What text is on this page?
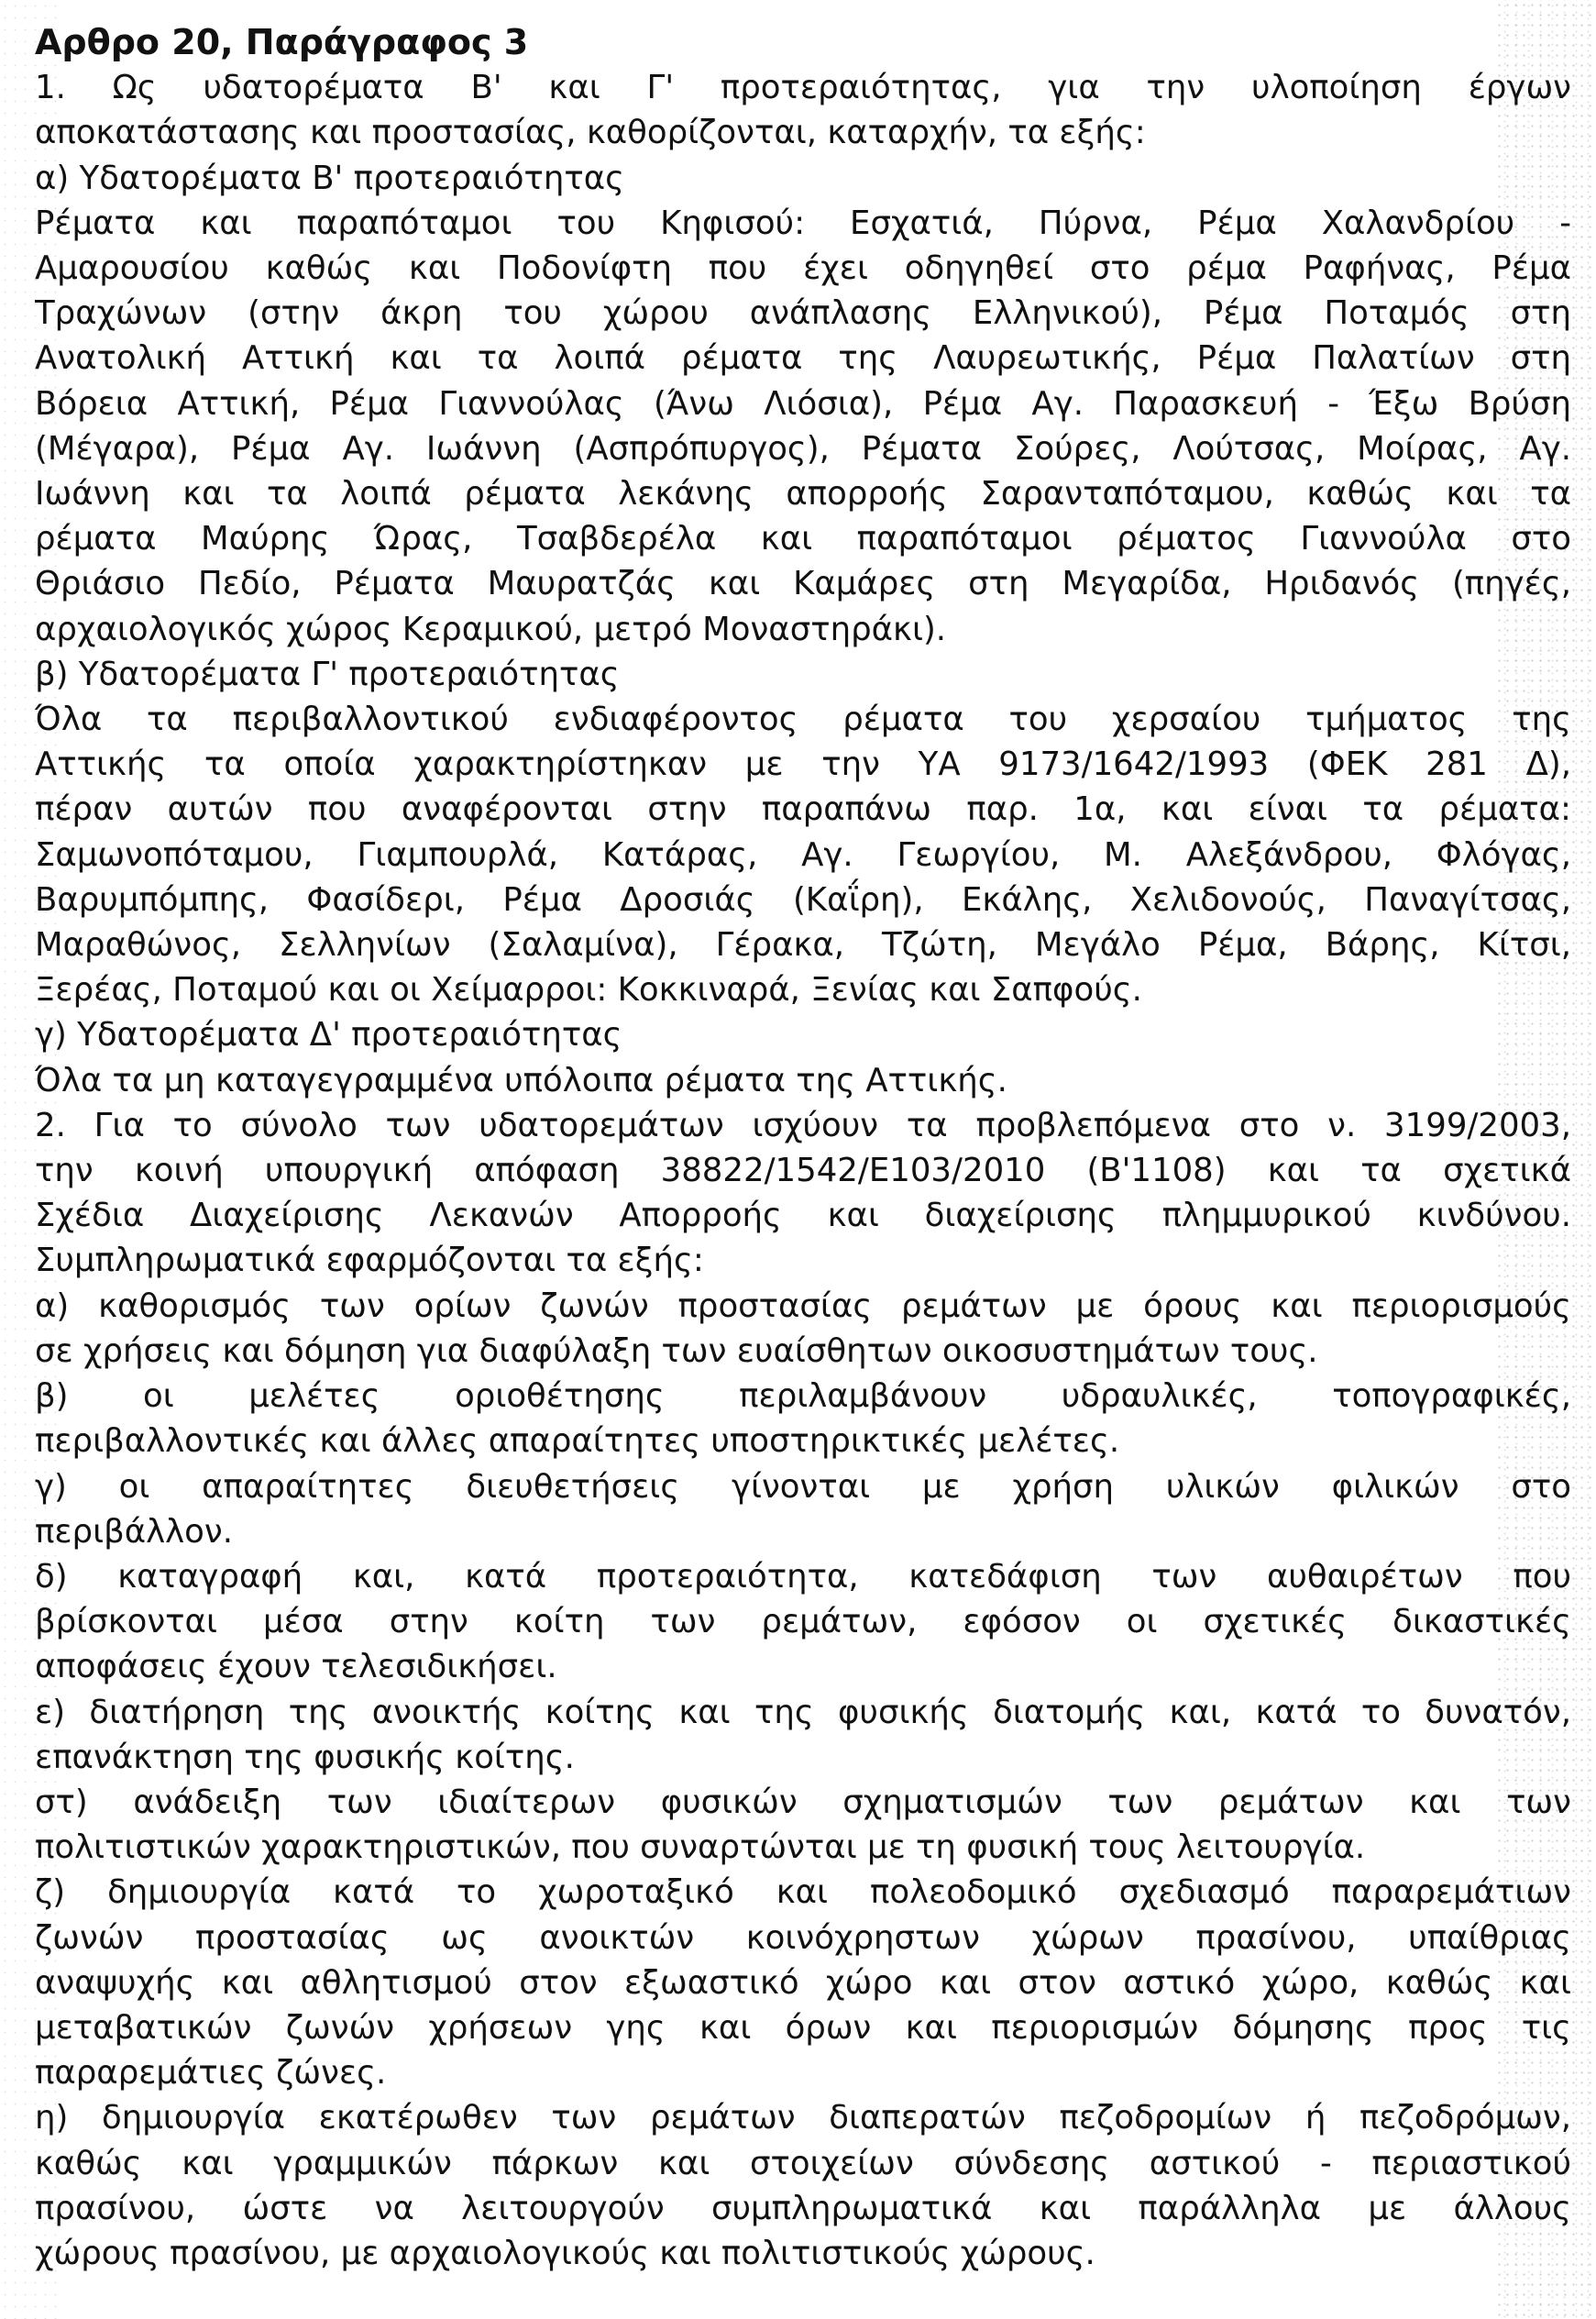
Αρθρο 20, Παράγραφος 3
1. Ως υδατορέματα Β' και Γ' προτεραιότητας, για την υλοποίηση έργων
αποκατάστασης και προστασίας, καθορίζονται, καταρχήν, τα εξής:
α) Υδατορέματα Β' προτεραιότητας
Ρέματα και παραπόταμοι του Κηφισού: Εσχατιά, Πύρνα, Ρέμα Χαλανδρίου -
Αμαρουσίου καθώς και Ποδονίφτη που έχει οδηγηθεί στο ρέμα Ραφήνας, Ρέμα
Τραχώνων (στην άκρη του χώρου ανάπλασης Ελληνικού), Ρέμα Ποταμός στη
Ανατολική Αττική και τα λοιπά ρέματα της Λαυρεωτικής, Ρέμα Παλατίων στη
Βόρεια Αττική, Ρέμα Γιαννούλας (Άνω Λιόσια), Ρέμα Αγ. Παρασκευή - Έξω Βρύση
(Μέγαρα), Ρέμα Αγ. Ιωάννη (Ασπρόπυργος), Ρέματα Σούρες, Λούτσας, Μοίρας, Αγ.
Ιωάννη και τα λοιπά ρέματα λεκάνης απορροής Σαρανταπόταμου, καθώς και τα
ρέματα Μαύρης Ώρας, Τσαβδερέλα και παραπόταμοι ρέματος Γιαννούλα στο
Θριάσιο Πεδίο, Ρέματα Μαυρατζάς και Καμάρες στη Μεγαρίδα, Ηριδανός (πηγές,
αρχαιολογικός χώρος Κεραμικού, μετρό Μοναστηράκι).
β) Υδατορέματα Γ' προτεραιότητας
Όλα τα περιβαλλοντικού ενδιαφέροντος ρέματα του χερσαίου τμήματος της
Αττικής τα οποία χαρακτηρίστηκαν με την ΥΑ 9173/1642/1993 (ΦΕΚ 281 Δ),
πέραν αυτών που αναφέρονται στην παραπάνω παρ. 1α, και είναι τα ρέματα:
Σαμωνοπόταμου, Γιαμπουρλά, Κατάρας, Αγ. Γεωργίου, Μ. Αλεξάνδρου, Φλόγας,
Βαρυμπόμπης, Φασίδερι, Ρέμα Δροσιάς (Καΐρη), Εκάλης, Χελιδονούς, Παναγίτσας,
Μαραθώνος, Σελληνίων (Σαλαμίνα), Γέρακα, Τζώτη, Μεγάλο Ρέμα, Βάρης, Κίτσι,
Ξερέας, Ποταμού και οι Χείμαρροι: Κοκκιναρά, Ξενίας και Σαπφούς.
γ) Υδατορέματα Δ' προτεραιότητας
Όλα τα μη καταγεγραμμένα υπόλοιπα ρέματα της Αττικής.
2. Για το σύνολο των υδατορεμάτων ισχύουν τα προβλεπόμενα στο ν. 3199/2003,
την κοινή υπουργική απόφαση 38822/1542/Ε103/2010 (Β'1108) και τα σχετικά
Σχέδια Διαχείρισης Λεκανών Απορροής και διαχείρισης πλημμυρικού κινδύνου.
Συμπληρωματικά εφαρμόζονται τα εξής:
α) καθορισμός των ορίων ζωνών προστασίας ρεμάτων με όρους και περιορισμούς
σε χρήσεις και δόμηση για διαφύλαξη των ευαίσθητων οικοσυστημάτων τους.
β) οι μελέτες οριοθέτησης περιλαμβάνουν υδραυλικές, τοπογραφικές,
περιβαλλοντικές και άλλες απαραίτητες υποστηρικτικές μελέτες.
γ) οι απαραίτητες διευθετήσεις γίνονται με χρήση υλικών φιλικών στο
περιβάλλον.
δ) καταγραφή και, κατά προτεραιότητα, κατεδάφιση των αυθαιρέτων που
βρίσκονται μέσα στην κοίτη των ρεμάτων, εφόσον οι σχετικές δικαστικές
αποφάσεις έχουν τελεσιδικήσει.
ε) διατήρηση της ανοικτής κοίτης και της φυσικής διατομής και, κατά το δυνατόν,
επανάκτηση της φυσικής κοίτης.
στ) ανάδειξη των ιδιαίτερων φυσικών σχηματισμών των ρεμάτων και των
πολιτιστικών χαρακτηριστικών, που συναρτώνται με τη φυσική τους λειτουργία.
ζ) δημιουργία κατά το χωροταξικό και πολεοδομικό σχεδιασμό παραρεμάτιων
ζωνών προστασίας ως ανοικτών κοινόχρηστων χώρων πρασίνου, υπαίθριας
αναψυχής και αθλητισμού στον εξωαστικό χώρο και στον αστικό χώρο, καθώς και
μεταβατικών ζωνών χρήσεων γης και όρων και περιορισμών δόμησης προς τις
παραρεμάτιες ζώνες.
η) δημιουργία εκατέρωθεν των ρεμάτων διαπερατών πεζοδρομίων ή πεζοδρόμων,
καθώς και γραμμικών πάρκων και στοιχείων σύνδεσης αστικού - περιαστικού
πρασίνου, ώστε να λειτουργούν συμπληρωματικά και παράλληλα με άλλους
χώρους πρασίνου, με αρχαιολογικούς και πολιτιστικούς χώρους.
